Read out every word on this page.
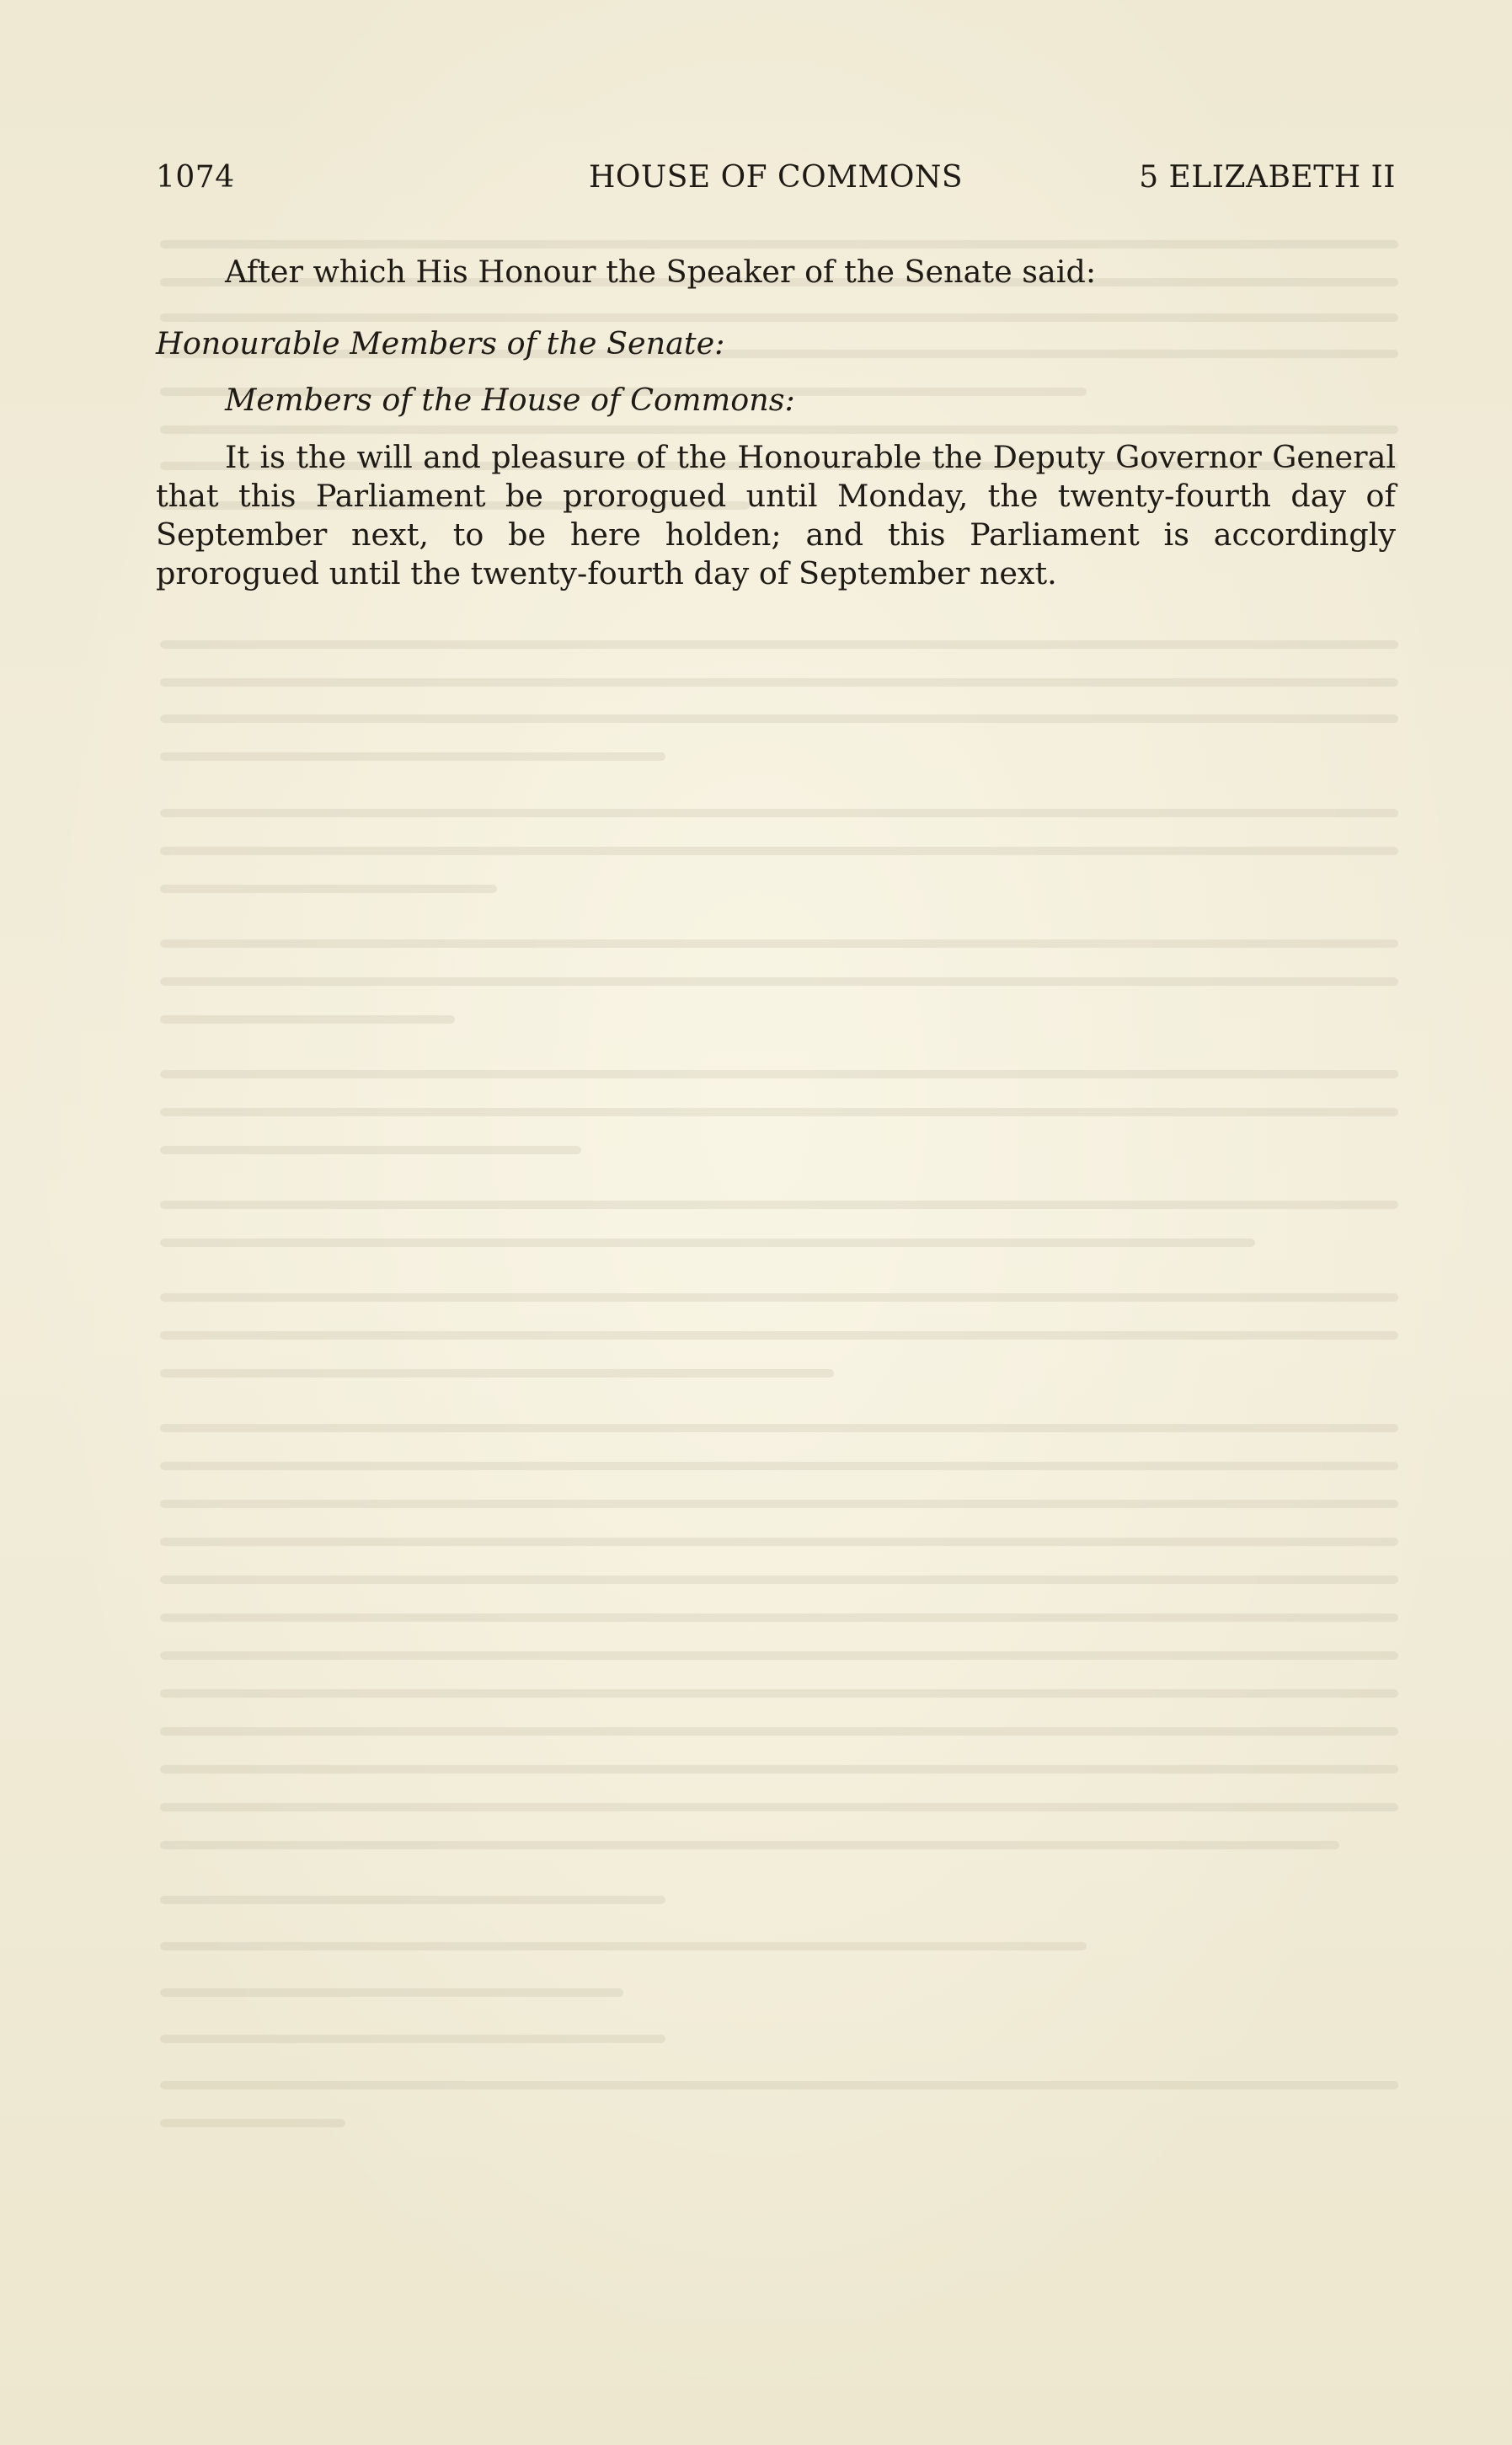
1074	HOUSE OF COMMONS	5 ELIZABETH II

After which His Honour the Speaker of the Senate said:

Honourable Members of the Senate:

Members of the House of Commons:

It is the will and pleasure of the Honourable the Deputy Governor General that this Parliament be prorogued until Monday, the twenty-fourth day of September next, to be here holden; and this Parliament is accordingly prorogued until the twenty-fourth day of September next.
